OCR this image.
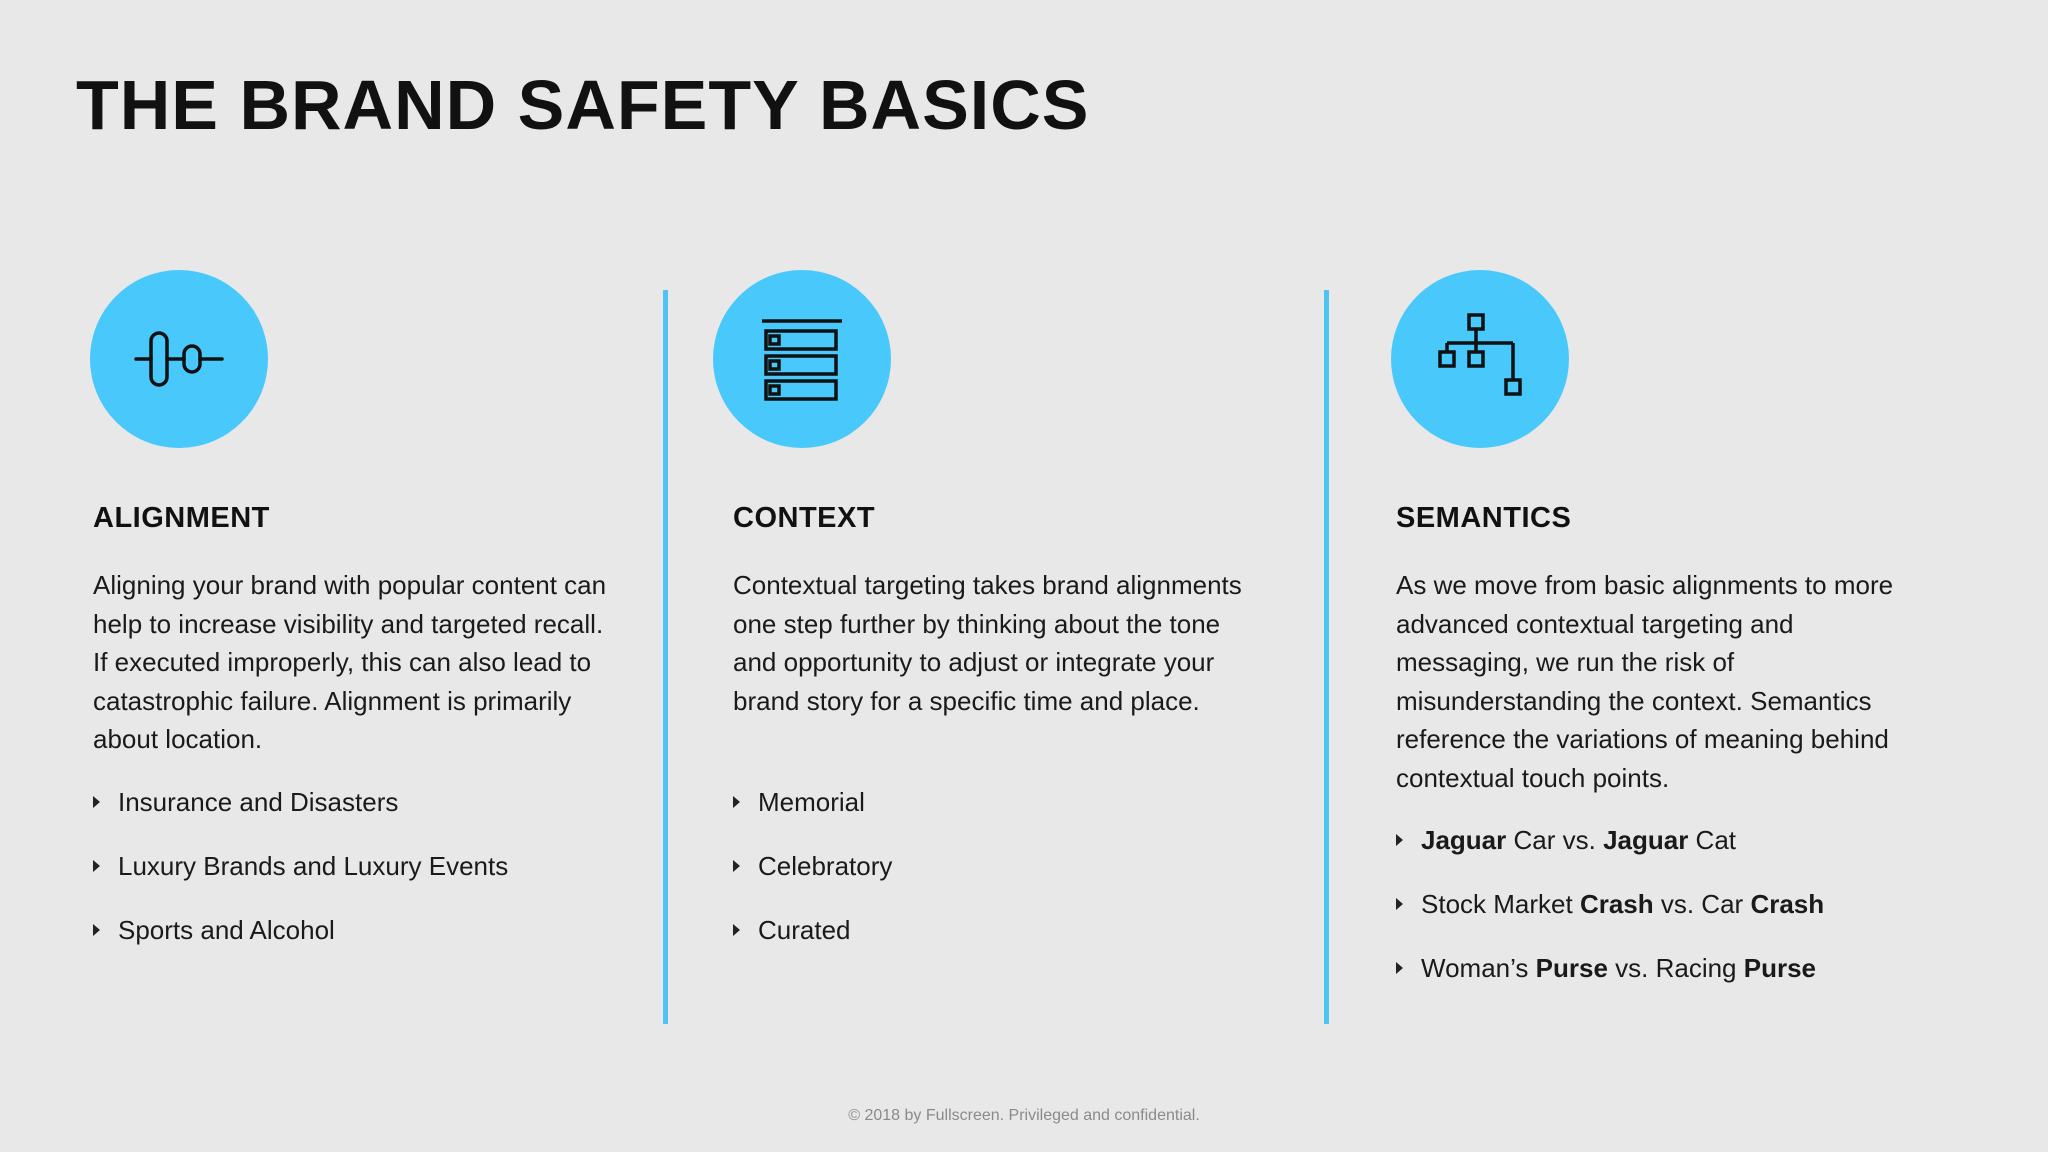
THE BRAND SAFETY BASICS
ALIGNMENT

Aligning your brand with popular content can help to increase visibility and targeted recall. If executed improperly, this can also lead to catastrophic failure. Alignment is primarily about location.

Insurance and Disasters
Luxury Brands and Luxury Events
Sports and Alcohol
CONTEXT

Contextual targeting takes brand alignments one step further by thinking about the tone and opportunity to adjust or integrate your brand story for a specific time and place.

Memorial
Celebratory
Curated
SEMANTICS

As we move from basic alignments to more advanced contextual targeting and messaging, we run the risk of misunderstanding the context. Semantics reference the variations of meaning behind contextual touch points.

Jaguar Car vs. Jaguar Cat
Stock Market Crash vs. Car Crash
Woman’s Purse vs. Racing Purse
© 2018 by Fullscreen. Privileged and confidential.
